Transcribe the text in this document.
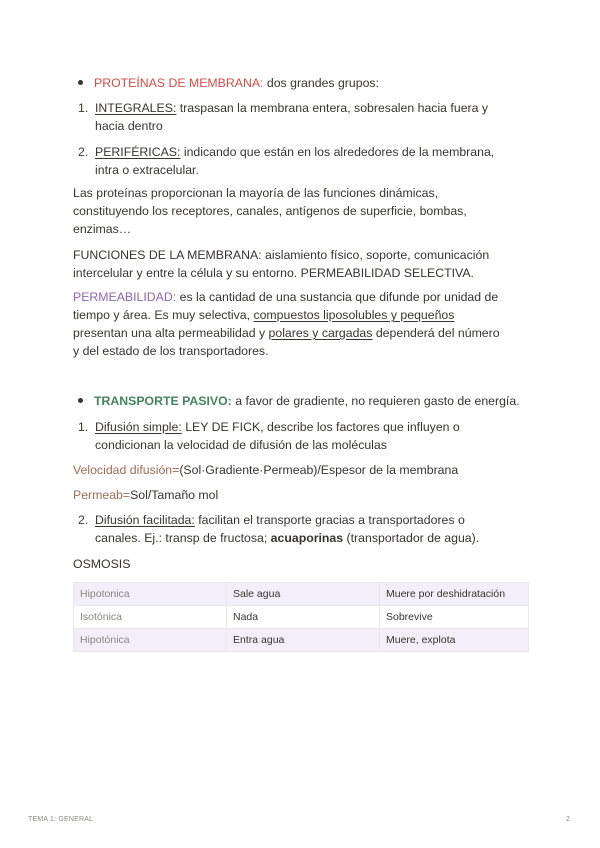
PROTEÍNAS DE MEMBRANA: dos grandes grupos:
1. INTEGRALES: traspasan la membrana entera, sobresalen hacia fuera y
hacia dentro
2. PERIFÉRICAS: indicando que están en los alrededores de la membrana,
intra o extracelular.
Las proteínas proporcionan la mayoría de las funciones dinámicas,
constituyendo los receptores, canales, antígenos de superficie, bombas,
enzimas…
FUNCIONES DE LA MEMBRANA: aislamiento físico, soporte, comunicación
intercelular y entre la célula y su entorno. PERMEABILIDAD SELECTIVA.
PERMEABILIDAD: es la cantidad de una sustancia que difunde por unidad de
tiempo y área. Es muy selectiva, compuestos liposolubles y pequeños
presentan una alta permeabilidad y polares y cargadas dependerá del número
y del estado de los transportadores.
TRANSPORTE PASIVO: a favor de gradiente, no requieren gasto de energía.
1. Difusión simple: LEY DE FICK, describe los factores que influyen o
condicionan la velocidad de difusión de las moléculas
Velocidad difusión=(Sol·Gradiente·Permeab)/Espesor de la membrana
Permeab=Sol/Tamaño mol
2. Difusión facilitada: facilitan el transporte gracias a transportadores o
canales. Ej.: transp de fructosa; acuaporinas (transportador de agua).
OSMOSIS
Hipotonica	Sale agua	Muere por deshidratación
Isotónica	Nada	Sobrevive
Hipotónica	Entra agua	Muere, explota
TEMA 1: GENERAL	2
